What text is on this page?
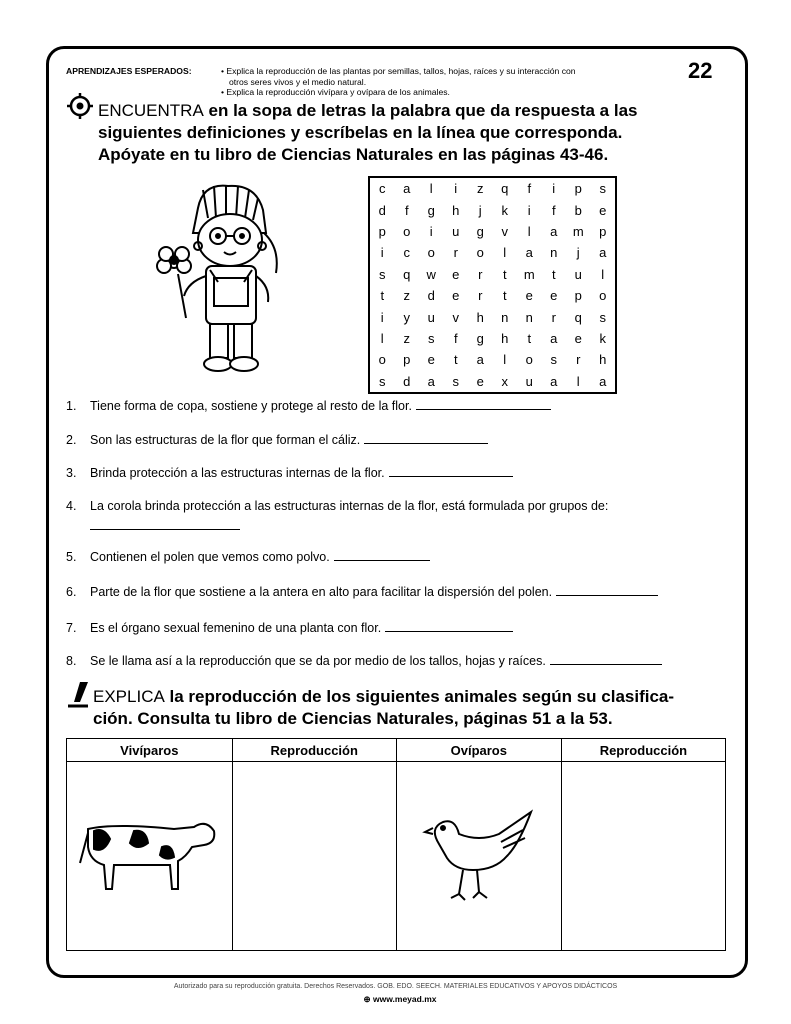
22
APRENDIZAJES ESPERADOS:	• Explica la reproducción de las plantas por semillas, tallos, hojas, raíces y su interacción con
otros seres vivos y el medio natural.
• Explica la reproducción vivípara y ovípara de los animales.
ENCUENTRA en la sopa de letras la palabra que da respuesta a las
siguientes definiciones y escríbelas en la línea que corresponda.
Apóyate en tu libro de Ciencias Naturales en las páginas 43-46.
c	a	l	i	z	q	f	i	p	s
d	f	g	h	j	k	i	f	b	e
p	o	i	u	g	v	l	a	m	p
i	c	o	r	o	l	a	n	j	a
s	q	w	e	r	t	m	t	u	l
t	z	d	e	r	t	e	e	p	o
i	y	u	v	h	n	n	r	q	s
l	z	s	f	g	h	t	a	e	k
o	p	e	t	a	l	o	s	r	h
s	d	a	s	e	x	u	a	l	a
1. Tiene forma de copa, sostiene y protege al resto de la flor.
2. Son las estructuras de la flor que forman el cáliz.
3. Brinda protección a las estructuras internas de la flor.
4. La corola brinda protección a las estructuras internas de la flor, está formulada por grupos de:
5. Contienen el polen que vemos como polvo.
6. Parte de la flor que sostiene a la antera en alto para facilitar la dispersión del polen.
7. Es el órgano sexual femenino de una planta con flor.
8. Se le llama así a la reproducción que se da por medio de los tallos, hojas y raíces.
EXPLICA la reproducción de los siguientes animales según su clasifica-
ción. Consulta tu libro de Ciencias Naturales, páginas 51 a la 53.
Vivíparos	Reproducción	Ovíparos	Reproducción

Autorizado para su reproducción gratuita. Derechos Reservados. GOB. EDO. SEECH. MATERIALES EDUCATIVOS Y APOYOS DIDÁCTICOS
⊕ www.meyad.mx
